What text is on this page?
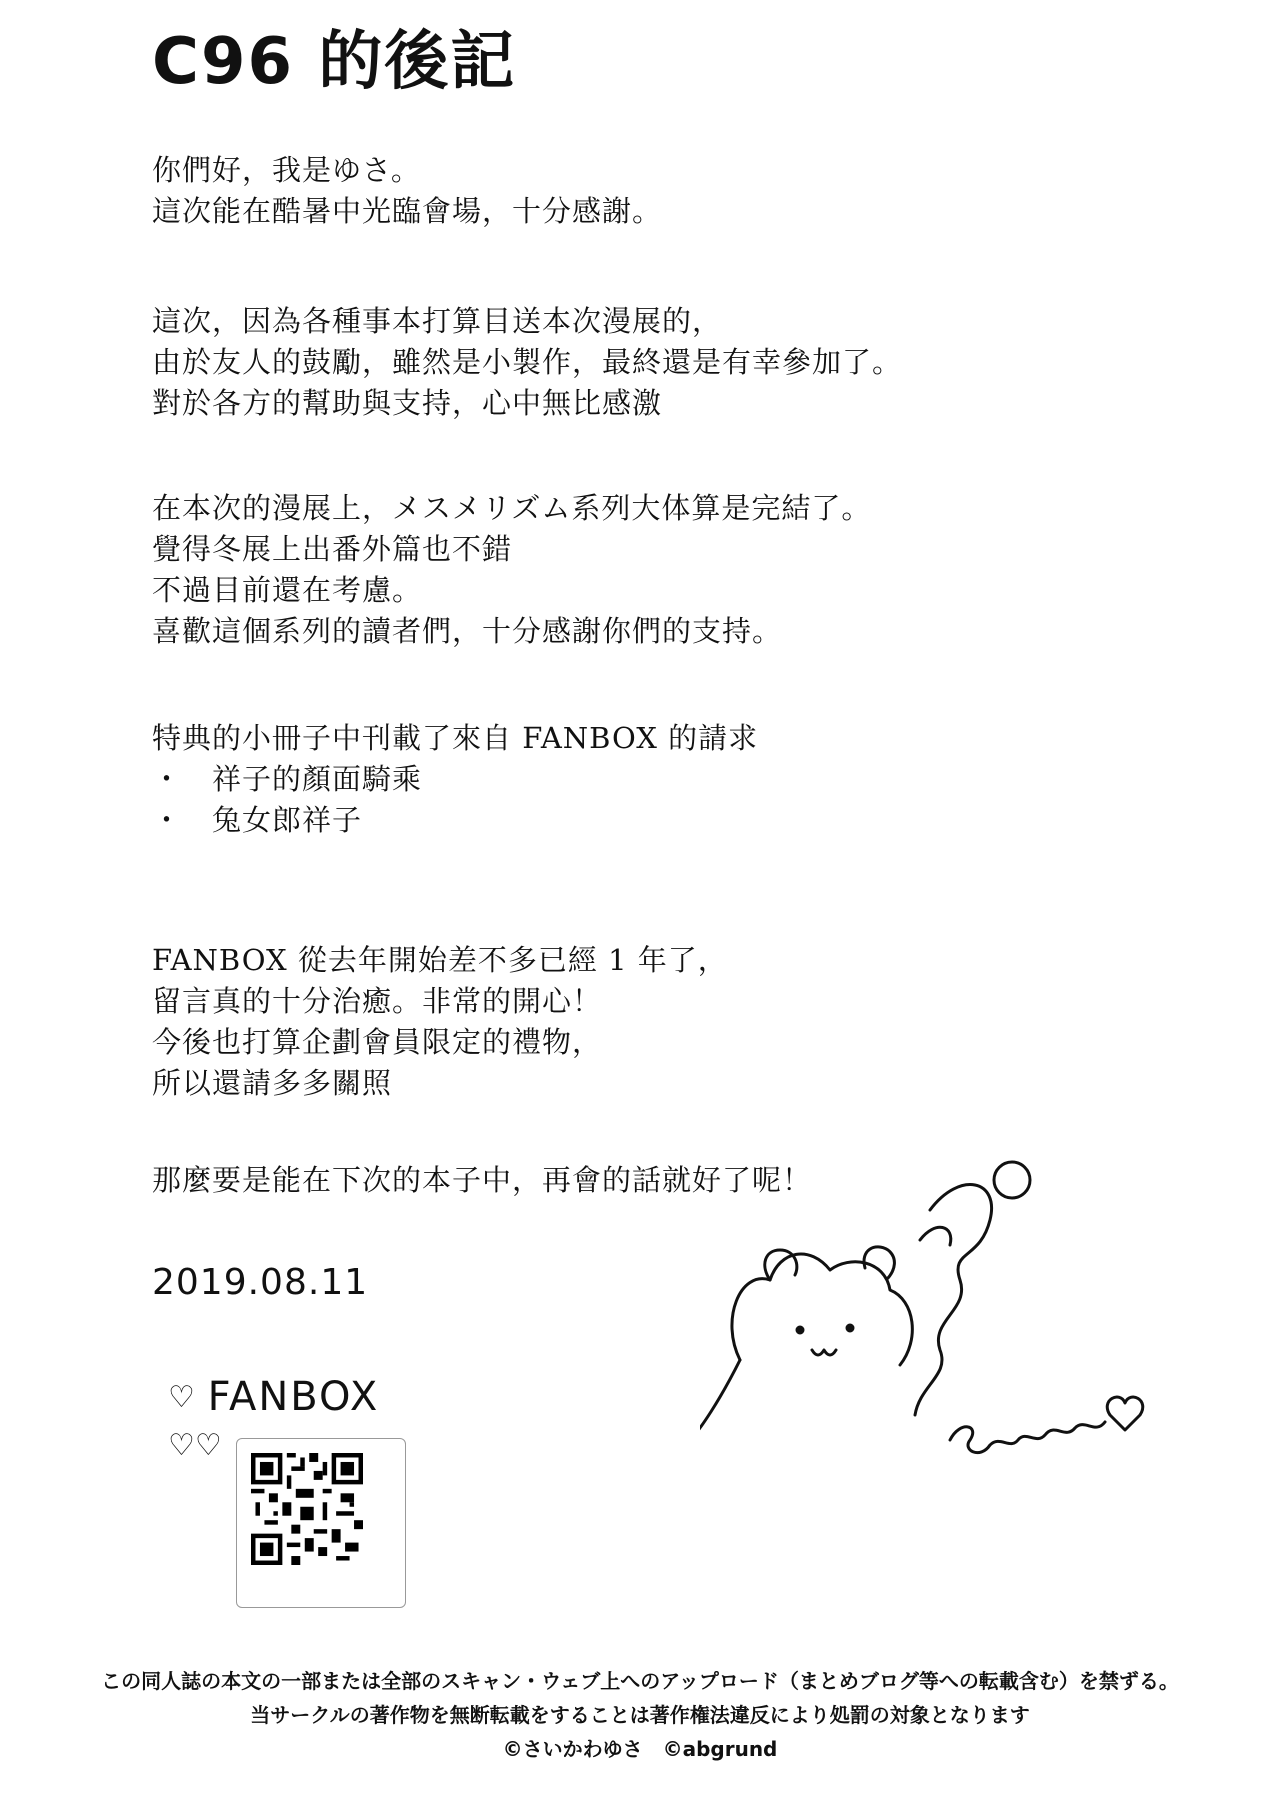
C96 的後記
你們好，我是ゆさ。
這次能在酷暑中光臨會場，十分感謝。
這次，因為各種事本打算目送本次漫展的，
由於友人的鼓勵，雖然是小製作，最終還是有幸參加了。
對於各方的幫助與支持，心中無比感激
在本次的漫展上，メスメリズム系列大体算是完結了。
覺得冬展上出番外篇也不錯
不過目前還在考慮。
喜歡這個系列的讀者們，十分感謝你們的支持。
特典的小冊子中刊載了來自 FANBOX 的請求
・　祥子的顏面騎乘
・　兔女郎祥子
FANBOX 從去年開始差不多已經 1 年了，
留言真的十分治癒。非常的開心！
今後也打算企劃會員限定的禮物，
所以還請多多關照
那麼要是能在下次的本子中，再會的話就好了呢！
2019.08.11
♡ FANBOX ♡♡
この同人誌の本文の一部または全部のスキャン・ウェブ上へのアップロード（まとめブログ等への転載含む）を禁ずる。
当サークルの著作物を無断転載をすることは著作権法違反により処罰の対象となります
©さいかわゆさ　©abgrund
